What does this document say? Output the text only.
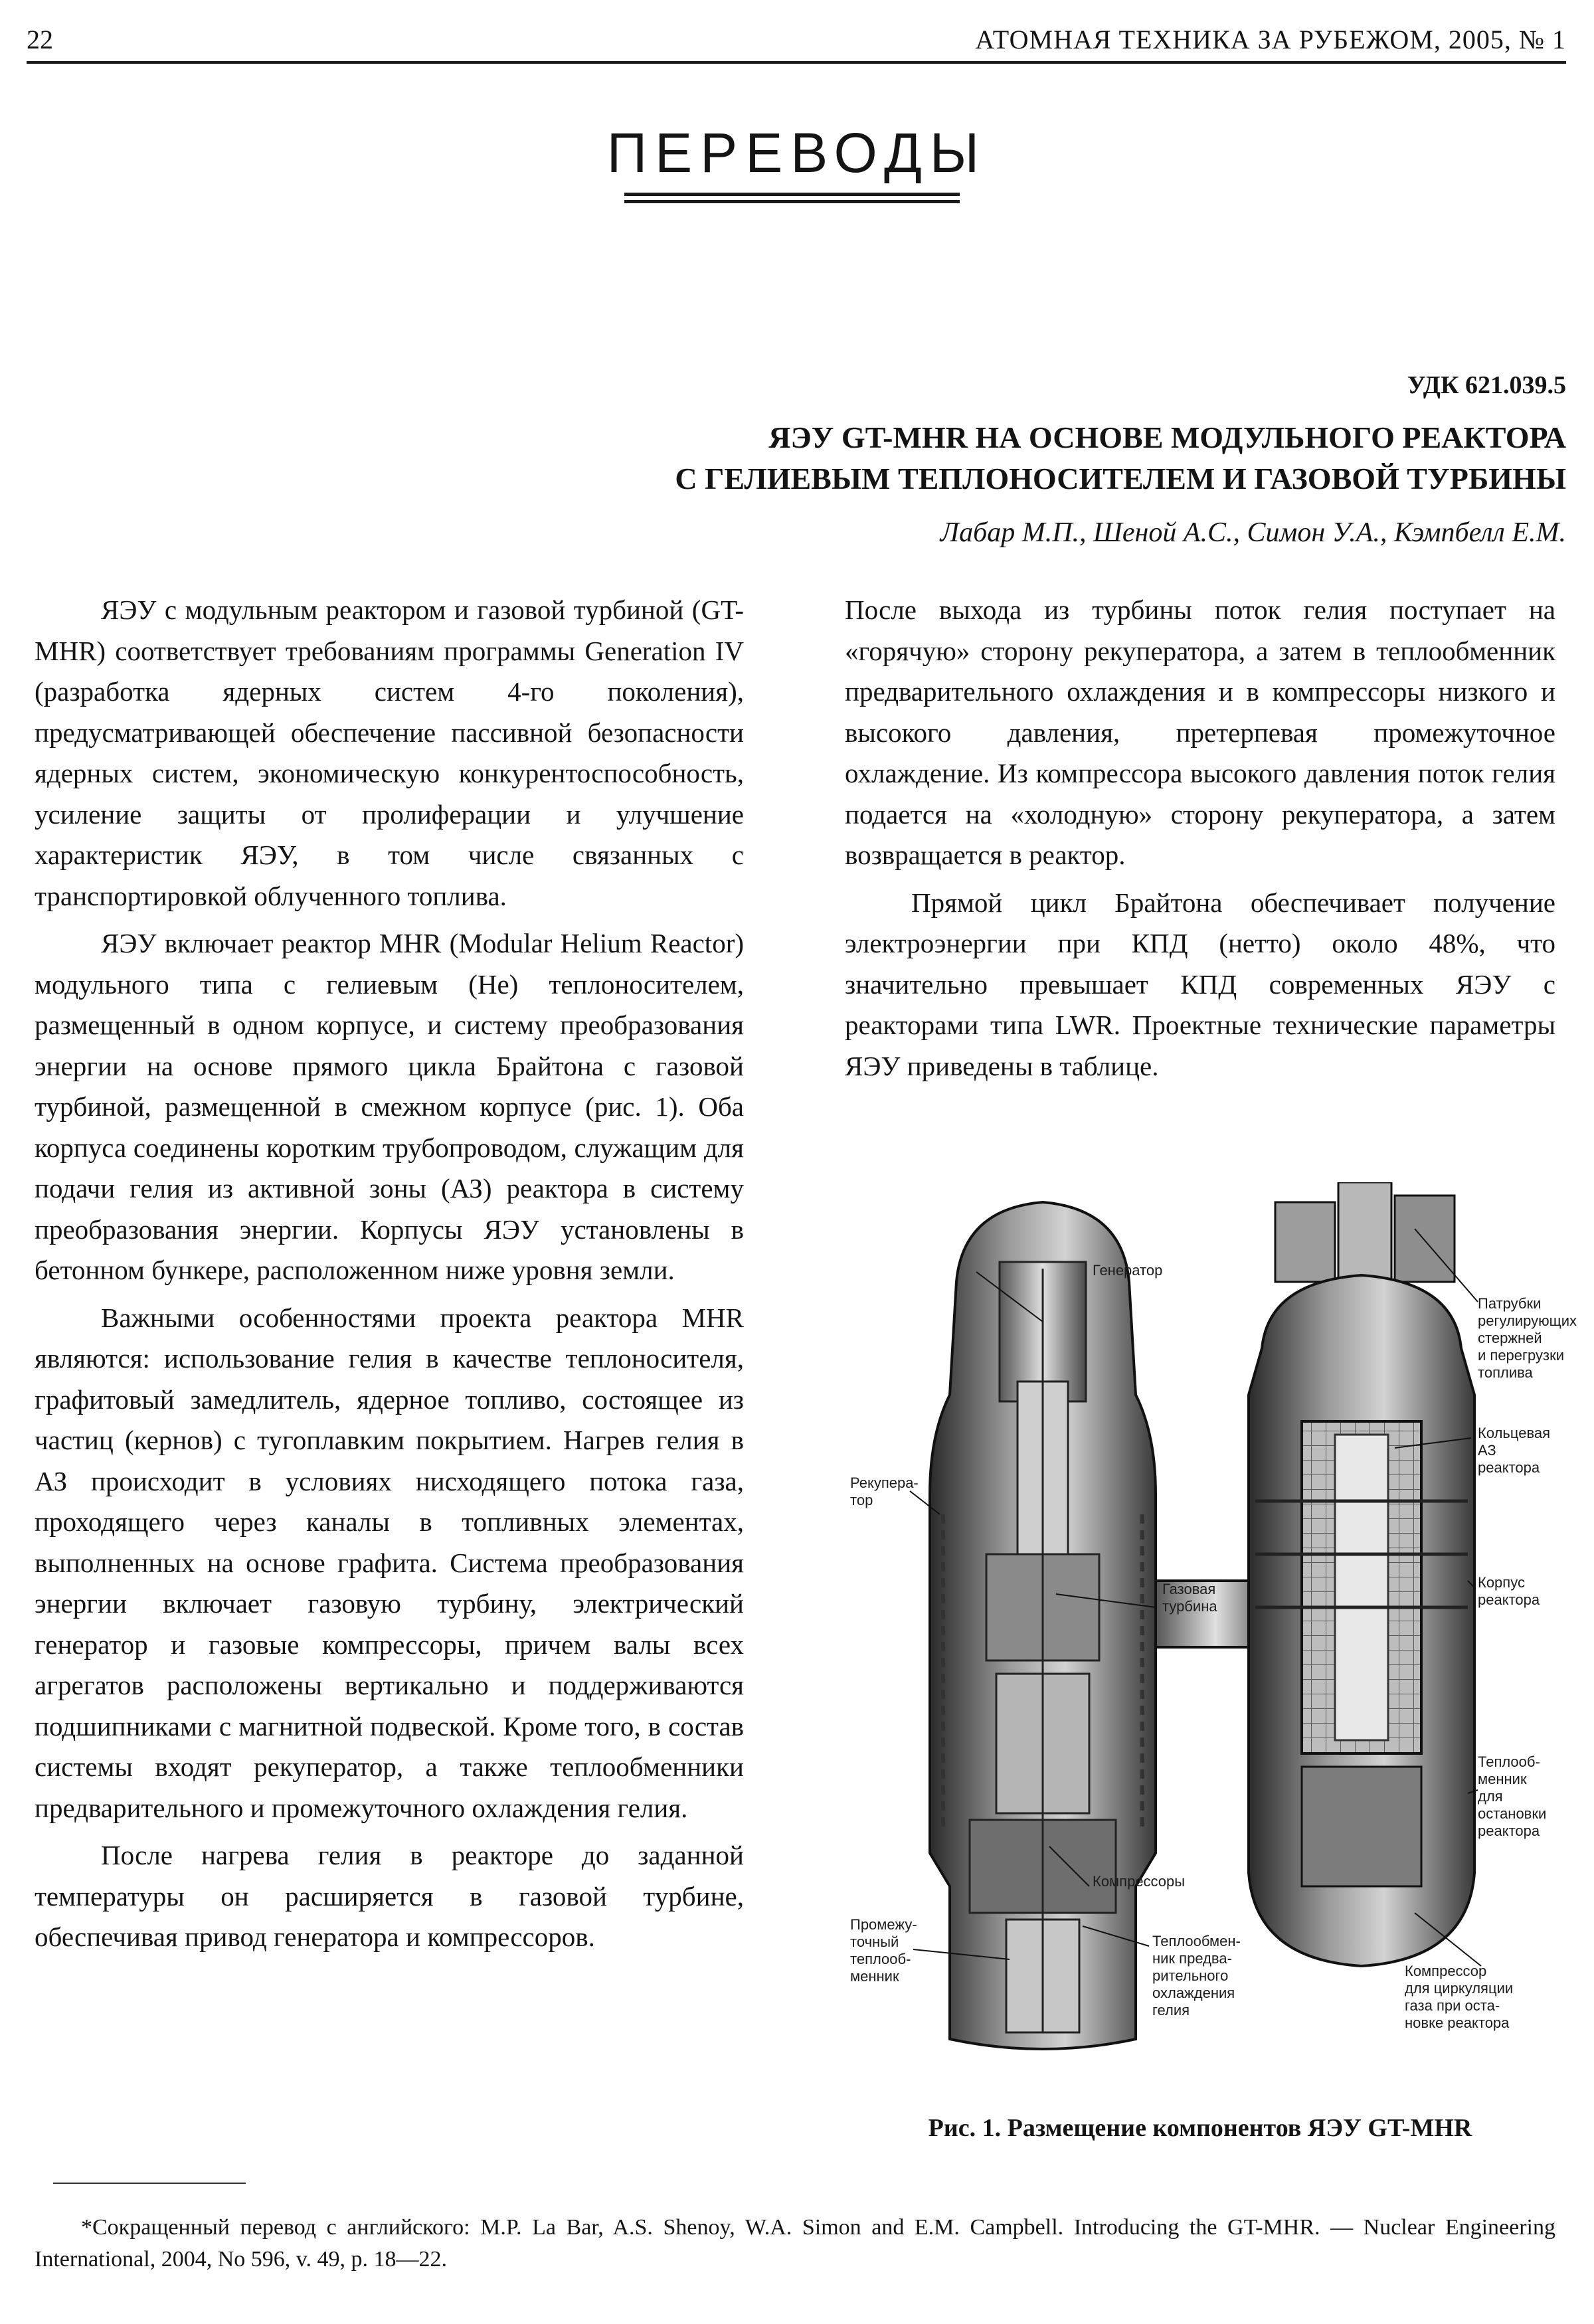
22	АТОМНАЯ ТЕХНИКА ЗА РУБЕЖОМ, 2005, № 1
ПЕРЕВОДЫ
УДК 621.039.5
ЯЭУ GT-MHR НА ОСНОВЕ МОДУЛЬНОГО РЕАКТОРА
С ГЕЛИЕВЫМ ТЕПЛОНОСИТЕЛЕМ И ГАЗОВОЙ ТУРБИНЫ
Лабар М.П., Шеной А.С., Симон У.А., Кэмпбелл Е.М.

ЯЭУ с модульным реактором и газовой турбиной (GT-MHR) соответствует требованиям программы Generation IV (разработка ядерных систем 4-го поколения), предусматривающей обеспечение пассивной безопасности ядерных систем, экономическую конкурентоспособность, усиление защиты от пролиферации и улучшение характеристик ЯЭУ, в том числе связанных с транспортировкой облученного топлива.

ЯЭУ включает реактор MHR (Modular Helium Reactor) модульного типа с гелиевым (He) теплоносителем, размещенный в одном корпусе, и систему преобразования энергии на основе прямого цикла Брайтона с газовой турбиной, размещенной в смежном корпусе (рис. 1). Оба корпуса соединены коротким трубопроводом, служащим для подачи гелия из активной зоны (АЗ) реактора в систему преобразования энергии. Корпусы ЯЭУ установлены в бетонном бункере, расположенном ниже уровня земли.

Важными особенностями проекта реактора MHR являются: использование гелия в качестве теплоносителя, графитовый замедлитель, ядерное топливо, состоящее из частиц (кернов) с тугоплавким покрытием. Нагрев гелия в АЗ происходит в условиях нисходящего потока газа, проходящего через каналы в топливных элементах, выполненных на основе графита. Система преобразования энергии включает газовую турбину, электрический генератор и газовые компрессоры, причем валы всех агрегатов расположены вертикально и поддерживаются подшипниками с магнитной подвеской. Кроме того, в состав системы входят рекуператор, а также теплообменники предварительного и промежуточного охлаждения гелия.

После нагрева гелия в реакторе до заданной температуры он расширяется в газовой турбине, обеспечивая привод генератора и компрессоров.

После выхода из турбины поток гелия поступает на «горячую» сторону рекуператора, а затем в теплообменник предварительного охлаждения и в компрессоры низкого и высокого давления, претерпевая промежуточное охлаждение. Из компрессора высокого давления поток гелия подается на «холодную» сторону рекуператора, а затем возвращается в реактор.

Прямой цикл Брайтона обеспечивает получение электроэнергии при КПД (нетто) около 48%, что значительно превышает КПД современных ЯЭУ с реакторами типа LWR. Проектные технические параметры ЯЭУ приведены в таблице.

Генератор
Рекупера-
тор
Газовая
турбина
Промежу-
точный
теплооб-
менник
Компрессоры
Теплообмен-
ник предва-
рительного
охлаждения
гелия
Патрубки
регулирующих
стержней
и перегрузки
топлива
Кольцевая
АЗ реактора
Корпус
реактора
Теплооб-
менник для
остановки
реактора
Компрессор
для циркуляции
газа при оста-
новке реактора
Рис. 1. Размещение компонентов ЯЭУ GT-MHR
*Сокращенный перевод с английского: M.P. La Bar, A.S. Shenoy, W.A. Simon and E.M. Campbell. Introducing the GT-MHR. — Nuclear Engineering International, 2004, No 596, v. 49, p. 18—22.
